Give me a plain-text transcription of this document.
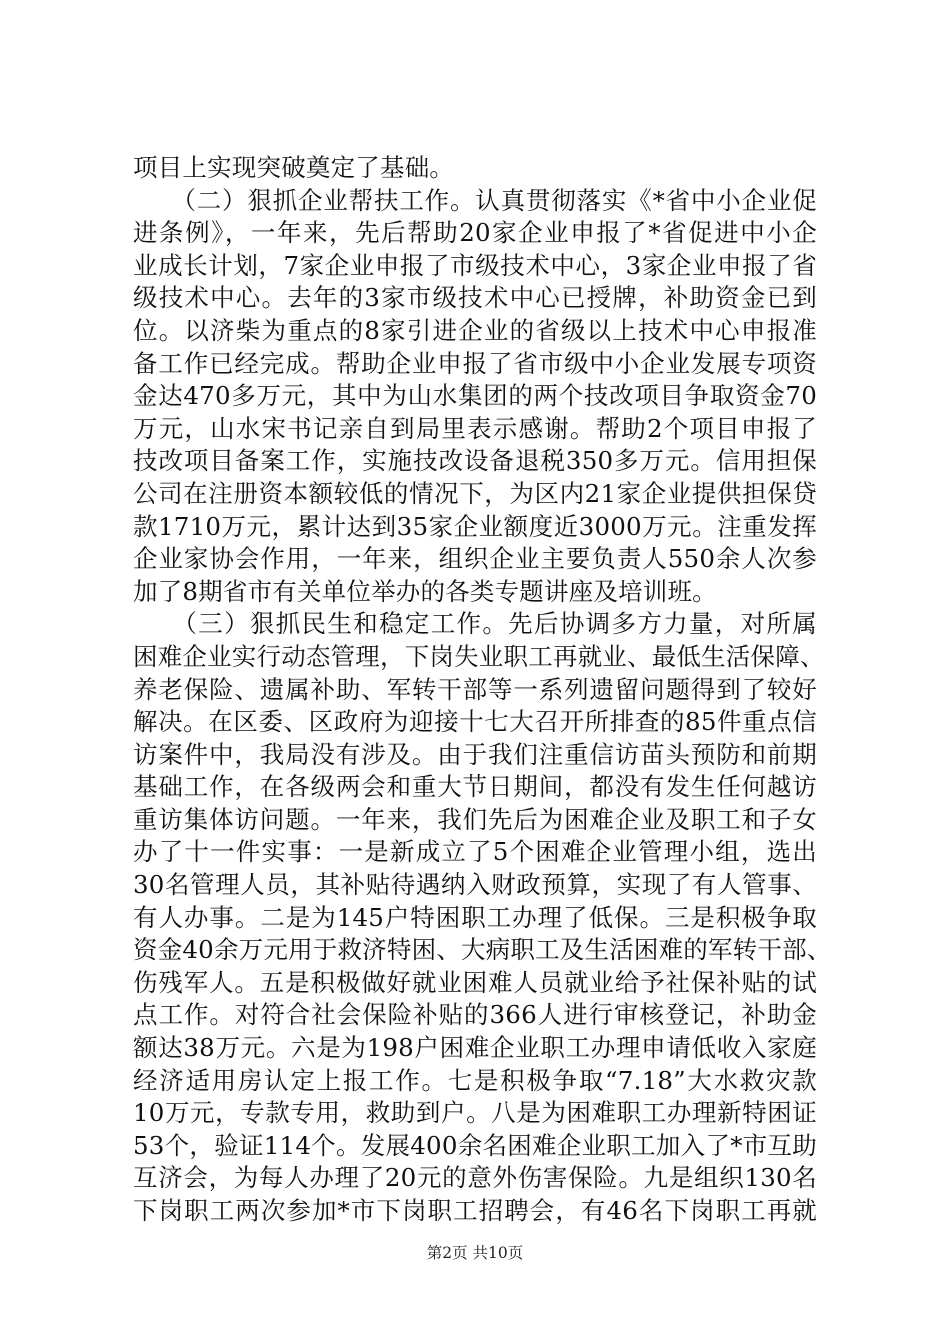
项目上实现突破奠定了基础。
　　（二）狠抓企业帮扶工作。认真贯彻落实《*省中小企业促
进条例》，一年来，先后帮助20家企业申报了*省促进中小企
业成长计划，7家企业申报了市级技术中心，3家企业申报了省
级技术中心。去年的3家市级技术中心已授牌，补助资金已到
位。以济柴为重点的8家引进企业的省级以上技术中心申报准
备工作已经完成。帮助企业申报了省市级中小企业发展专项资
金达470多万元，其中为山水集团的两个技改项目争取资金70
万元，山水宋书记亲自到局里表示感谢。帮助2个项目申报了
技改项目备案工作，实施技改设备退税350多万元。信用担保
公司在注册资本额较低的情况下，为区内21家企业提供担保贷
款1710万元，累计达到35家企业额度近3000万元。注重发挥
企业家协会作用，一年来，组织企业主要负责人550余人次参
加了8期省市有关单位举办的各类专题讲座及培训班。
　　（三）狠抓民生和稳定工作。先后协调多方力量，对所属
困难企业实行动态管理，下岗失业职工再就业、最低生活保障、
养老保险、遗属补助、军转干部等一系列遗留问题得到了较好
解决。在区委、区政府为迎接十七大召开所排查的85件重点信
访案件中，我局没有涉及。由于我们注重信访苗头预防和前期
基础工作，在各级两会和重大节日期间，都没有发生任何越访
重访集体访问题。一年来，我们先后为困难企业及职工和子女
办了十一件实事：一是新成立了5个困难企业管理小组，选出
30名管理人员，其补贴待遇纳入财政预算，实现了有人管事、
有人办事。二是为145户特困职工办理了低保。三是积极争取
资金40余万元用于救济特困、大病职工及生活困难的军转干部、
伤残军人。五是积极做好就业困难人员就业给予社保补贴的试
点工作。对符合社会保险补贴的366人进行审核登记，补助金
额达38万元。六是为198户困难企业职工办理申请低收入家庭
经济适用房认定上报工作。七是积极争取“7.18”大水救灾款
10万元，专款专用，救助到户。八是为困难职工办理新特困证
53个，验证114个。发展400余名困难企业职工加入了*市互助
互济会，为每人办理了20元的意外伤害保险。九是组织130名
下岗职工两次参加*市下岗职工招聘会，有46名下岗职工再就
第2页 共10页
